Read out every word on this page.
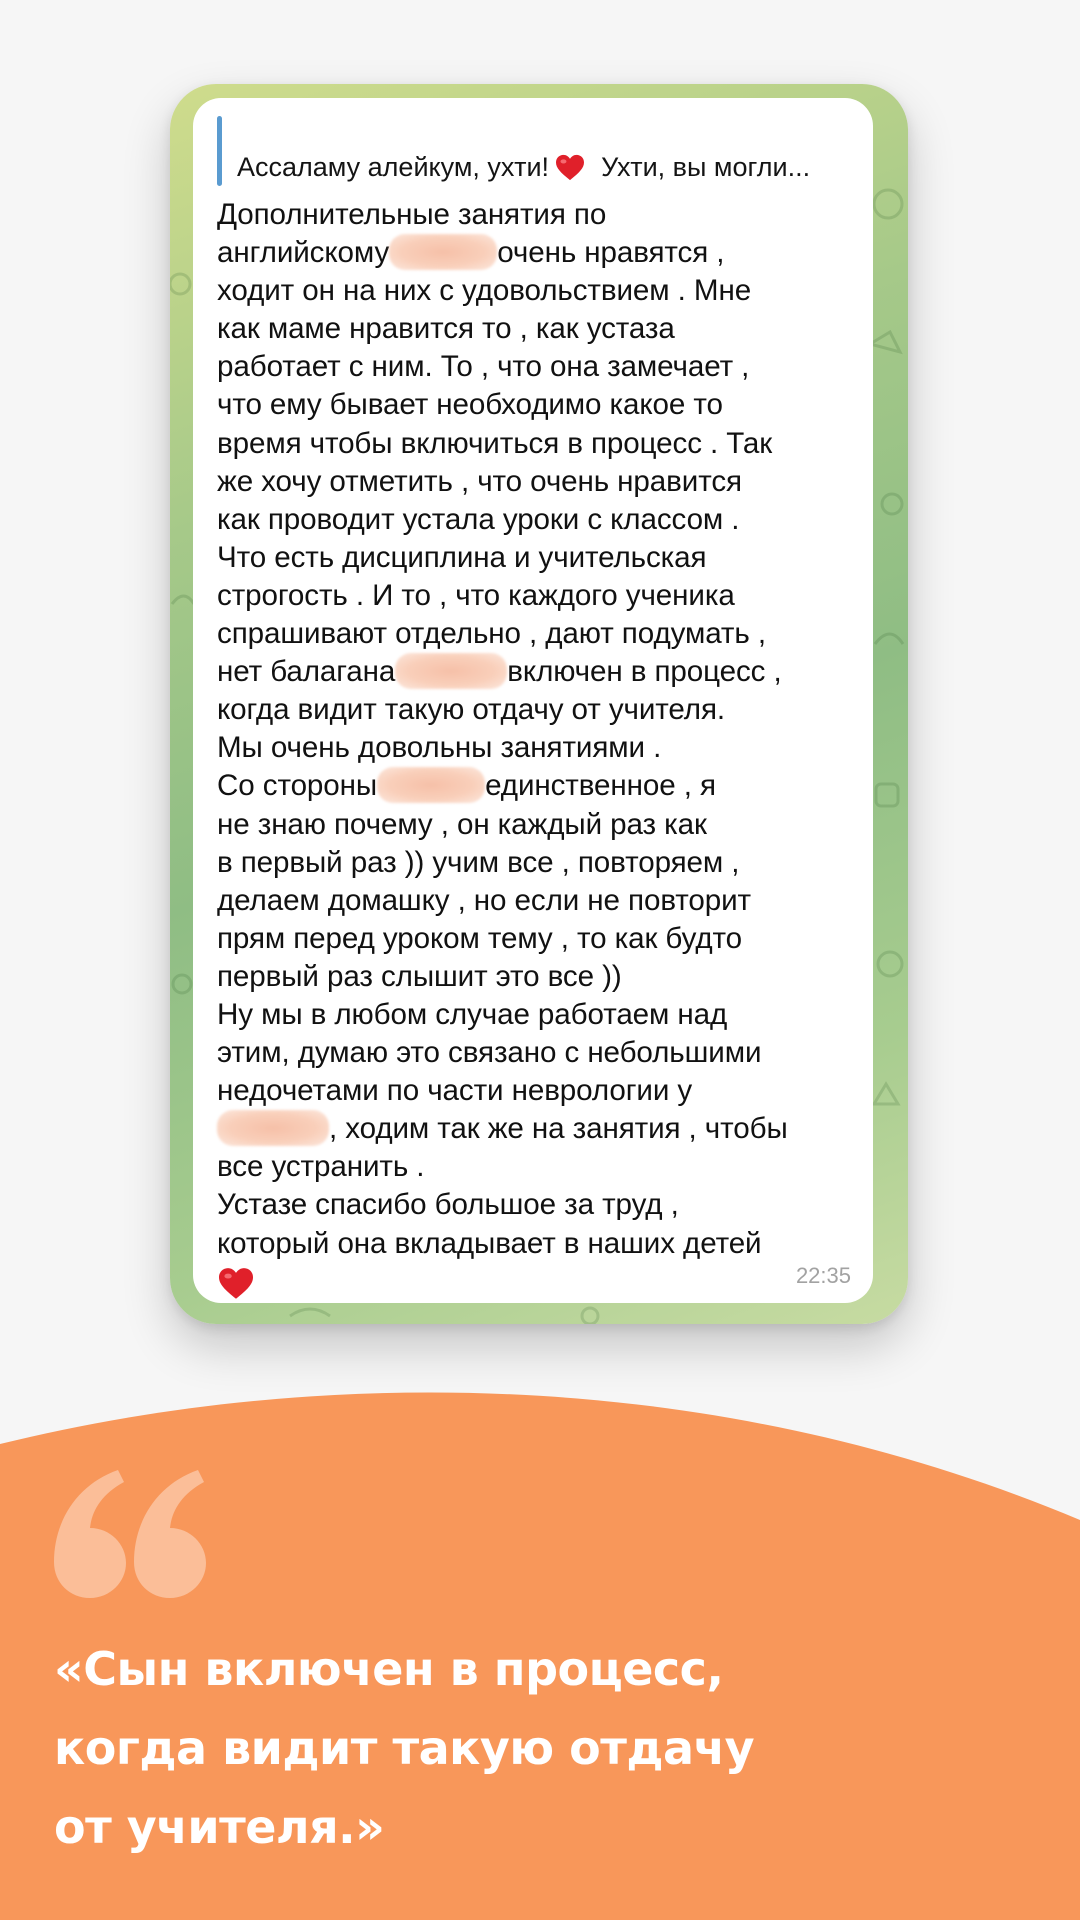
Ассаламу алейкум, ухти! Ухти, вы могли...
Дополнительные занятия по
английскому	очень нравятся ,
ходит он на них с удовольствием . Мне
как маме нравится то , как устаза
работает с ним. То , что она замечает ,
что ему бывает необходимо какое то
время чтобы включиться в процесс . Так
же хочу отметить , что очень нравится
как проводит устала уроки с классом .
Что есть дисциплина и учительская
строгость . И то , что каждого ученика
спрашивают отдельно , дают подумать ,
нет балагана	включен в процесс ,
когда видит такую отдачу от учителя.
Мы очень довольны занятиями .
Со стороны	единственное , я
не знаю почему , он каждый раз как
в первый раз )) учим все , повторяем ,
делаем домашку , но если не повторит
прям перед уроком тему , то как будто
первый раз слышит это все ))
Ну мы в любом случае работаем над
этим, думаю это связано с небольшими
недочетами по части неврологии у
, ходим так же на занятия , чтобы
все устранить .
Устазе спасибо большое за труд ,
который она вкладывает в наших детей
22:35
«Сын включен в процесс,
когда видит такую отдачу
от учителя.»
